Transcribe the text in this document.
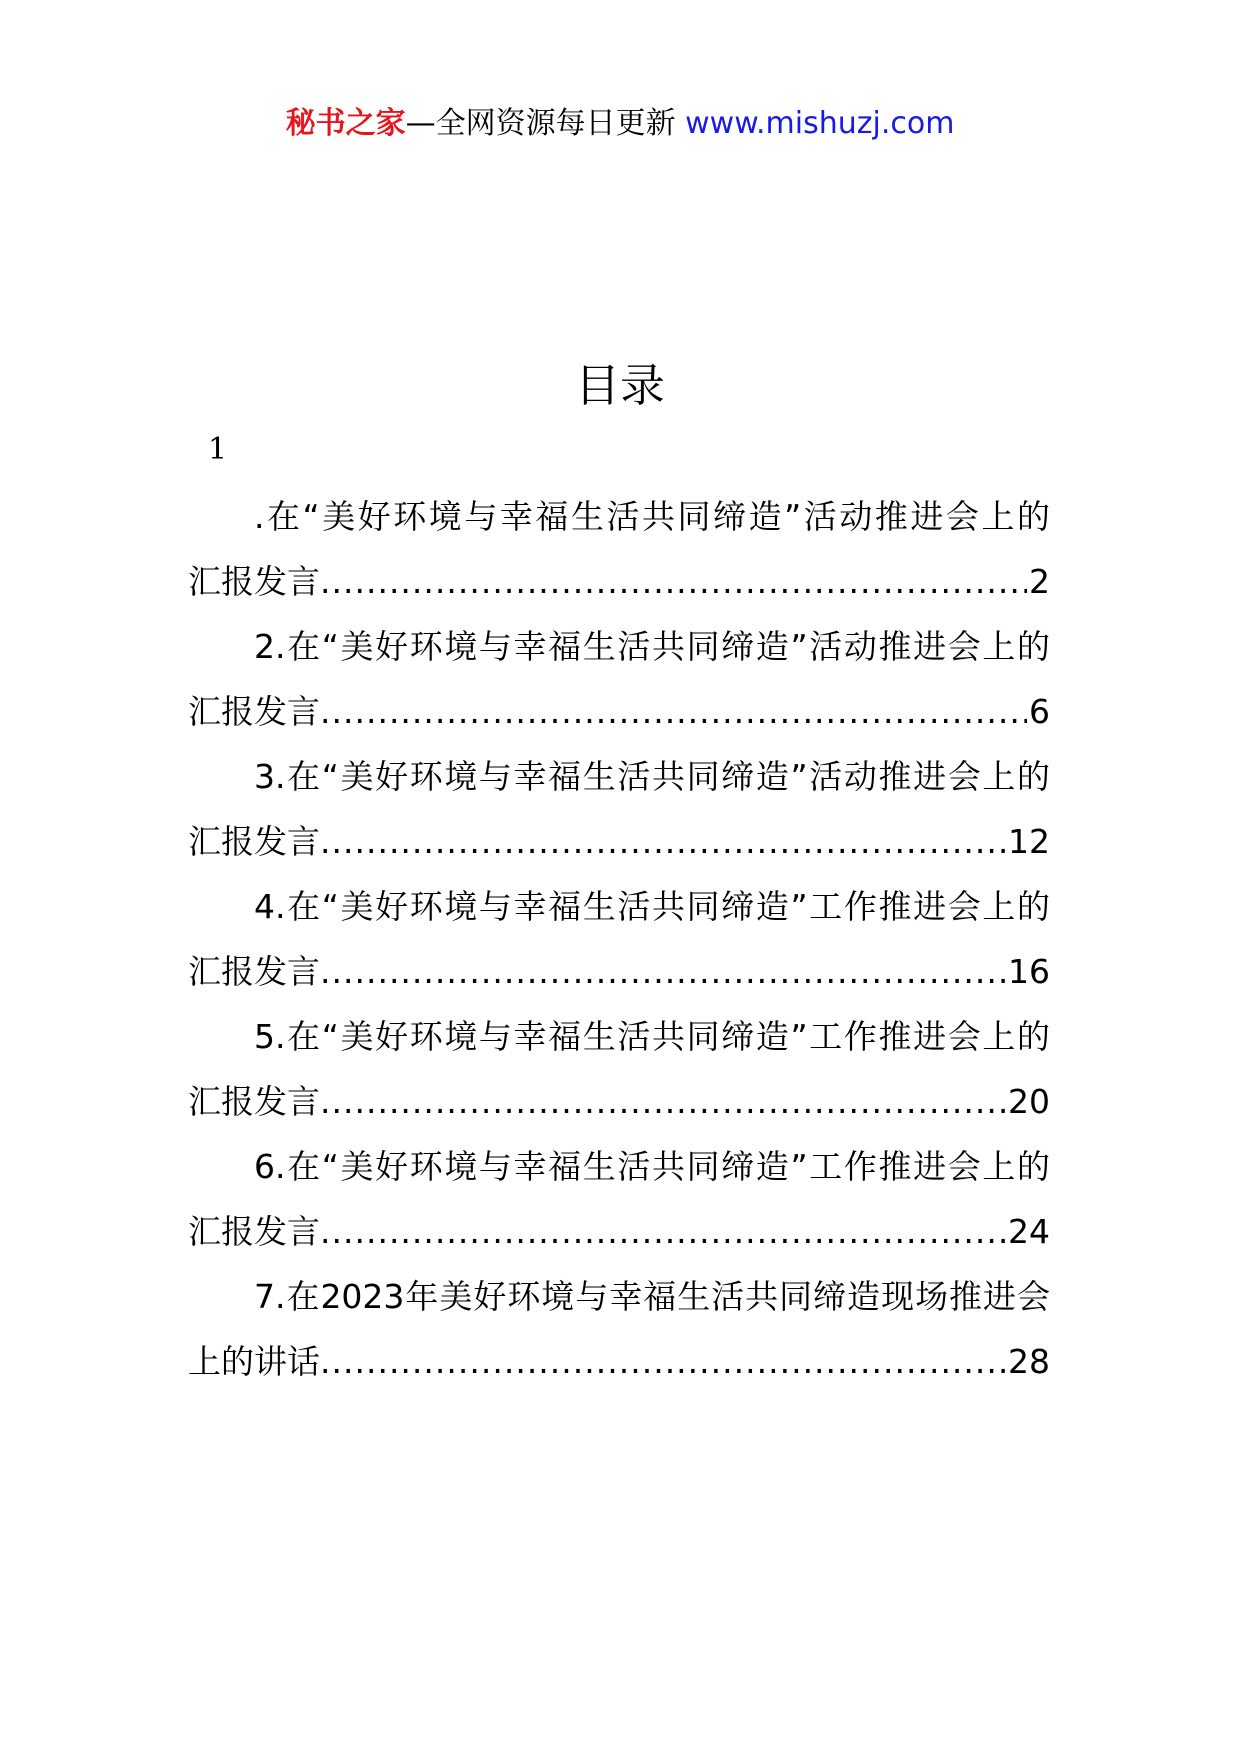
秘书之家—全网资源每日更新 www.mishuzj.com
目录
1
.在“美好环境与幸福生活共同缔造”活动推进会上的
汇报发言 .....	2
2.在“美好环境与幸福生活共同缔造”活动推进会上的
汇报发言 .....	6
3.在“美好环境与幸福生活共同缔造”活动推进会上的
汇报发言 .....	12
4.在“美好环境与幸福生活共同缔造”工作推进会上的
汇报发言 .....	16
5.在“美好环境与幸福生活共同缔造”工作推进会上的
汇报发言 .....	20
6.在“美好环境与幸福生活共同缔造”工作推进会上的
汇报发言 .....	24
7.在2023年美好环境与幸福生活共同缔造现场推进会
上的讲话 .....	28
